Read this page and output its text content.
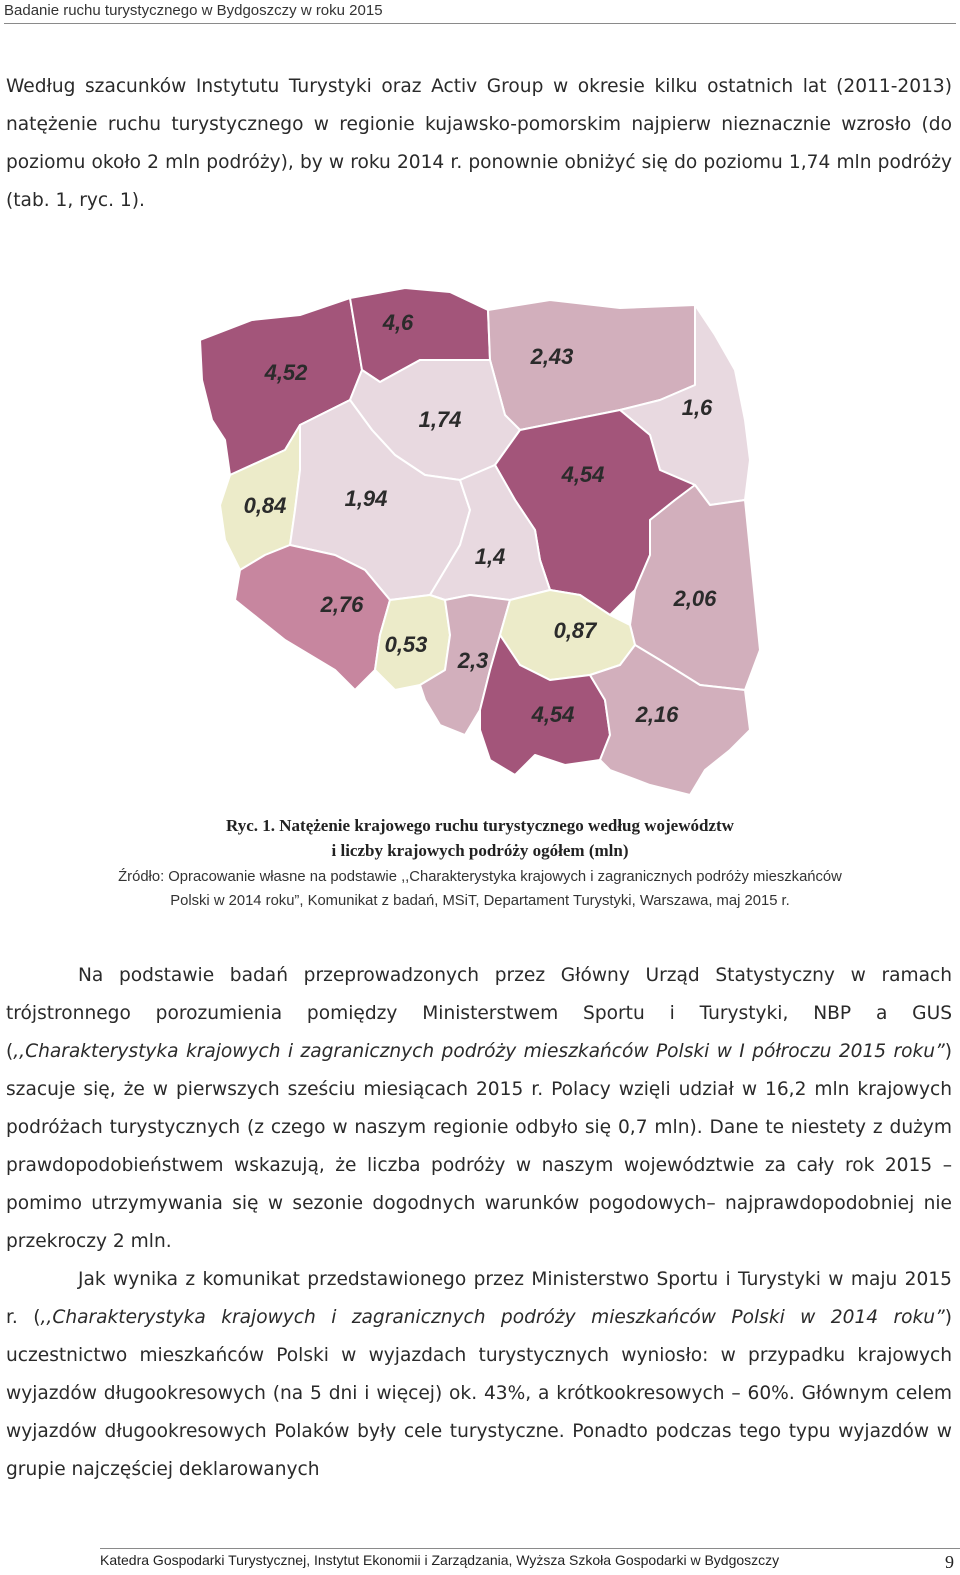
Badanie ruchu turystycznego w Bydgoszczy w roku 2015

Według szacunków Instytutu Turystyki oraz Activ Group w okresie kilku ostatnich lat (2011-2013) natężenie ruchu turystycznego w regionie kujawsko-pomorskim najpierw nieznacznie wzrosło (do poziomu około 2 mln podróży), by w roku 2014 r. ponownie obniżyć się do poziomu 1,74 mln podróży (tab. 1, ryc. 1).

4,6
4,52
2,43
1,6
1,74
4,54
0,84	1,94
1,4
2,06
2,76
0,53
2,3
0,87
4,54	2,16
Ryc. 1. Natężenie krajowego ruchu turystycznego według województw
i liczby krajowych podróży ogółem (mln)
Źródło: Opracowanie własne na podstawie ,,Charakterystyka krajowych i zagranicznych podróży mieszkańców
Polski w 2014 roku”, Komunikat z badań, MSiT, Departament Turystyki, Warszawa, maj 2015 r.

Na podstawie badań przeprowadzonych przez Główny Urząd Statystyczny w ramach trójstronnego porozumienia pomiędzy Ministerstwem Sportu i Turystyki, NBP a GUS (,,Charakterystyka krajowych i zagranicznych podróży mieszkańców Polski w I półroczu 2015 roku”) szacuje się, że w pierwszych sześciu miesiącach 2015 r. Polacy wzięli udział w 16,2 mln krajowych podróżach turystycznych (z czego w naszym regionie odbyło się 0,7 mln). Dane te niestety z dużym prawdopodobieństwem wskazują, że liczba podróży w naszym województwie za cały rok 2015 – pomimo utrzymywania się w sezonie dogodnych warunków pogodowych– najprawdopodobniej nie przekroczy 2 mln.

Jak wynika z komunikat przedstawionego przez Ministerstwo Sportu i Turystyki w maju 2015 r. (,,Charakterystyka krajowych i zagranicznych podróży mieszkańców Polski w 2014 roku”) uczestnictwo mieszkańców Polski w wyjazdach turystycznych wyniosło: w przypadku krajowych wyjazdów długookresowych (na 5 dni i więcej) ok. 43%, a krótkookresowych – 60%. Głównym celem wyjazdów długookresowych Polaków były cele turystyczne. Ponadto podczas tego typu wyjazdów w grupie najczęściej deklarowanych

Katedra Gospodarki Turystycznej, Instytut Ekonomii i Zarządzania, Wyższa Szkoła Gospodarki w Bydgoszczy	9
